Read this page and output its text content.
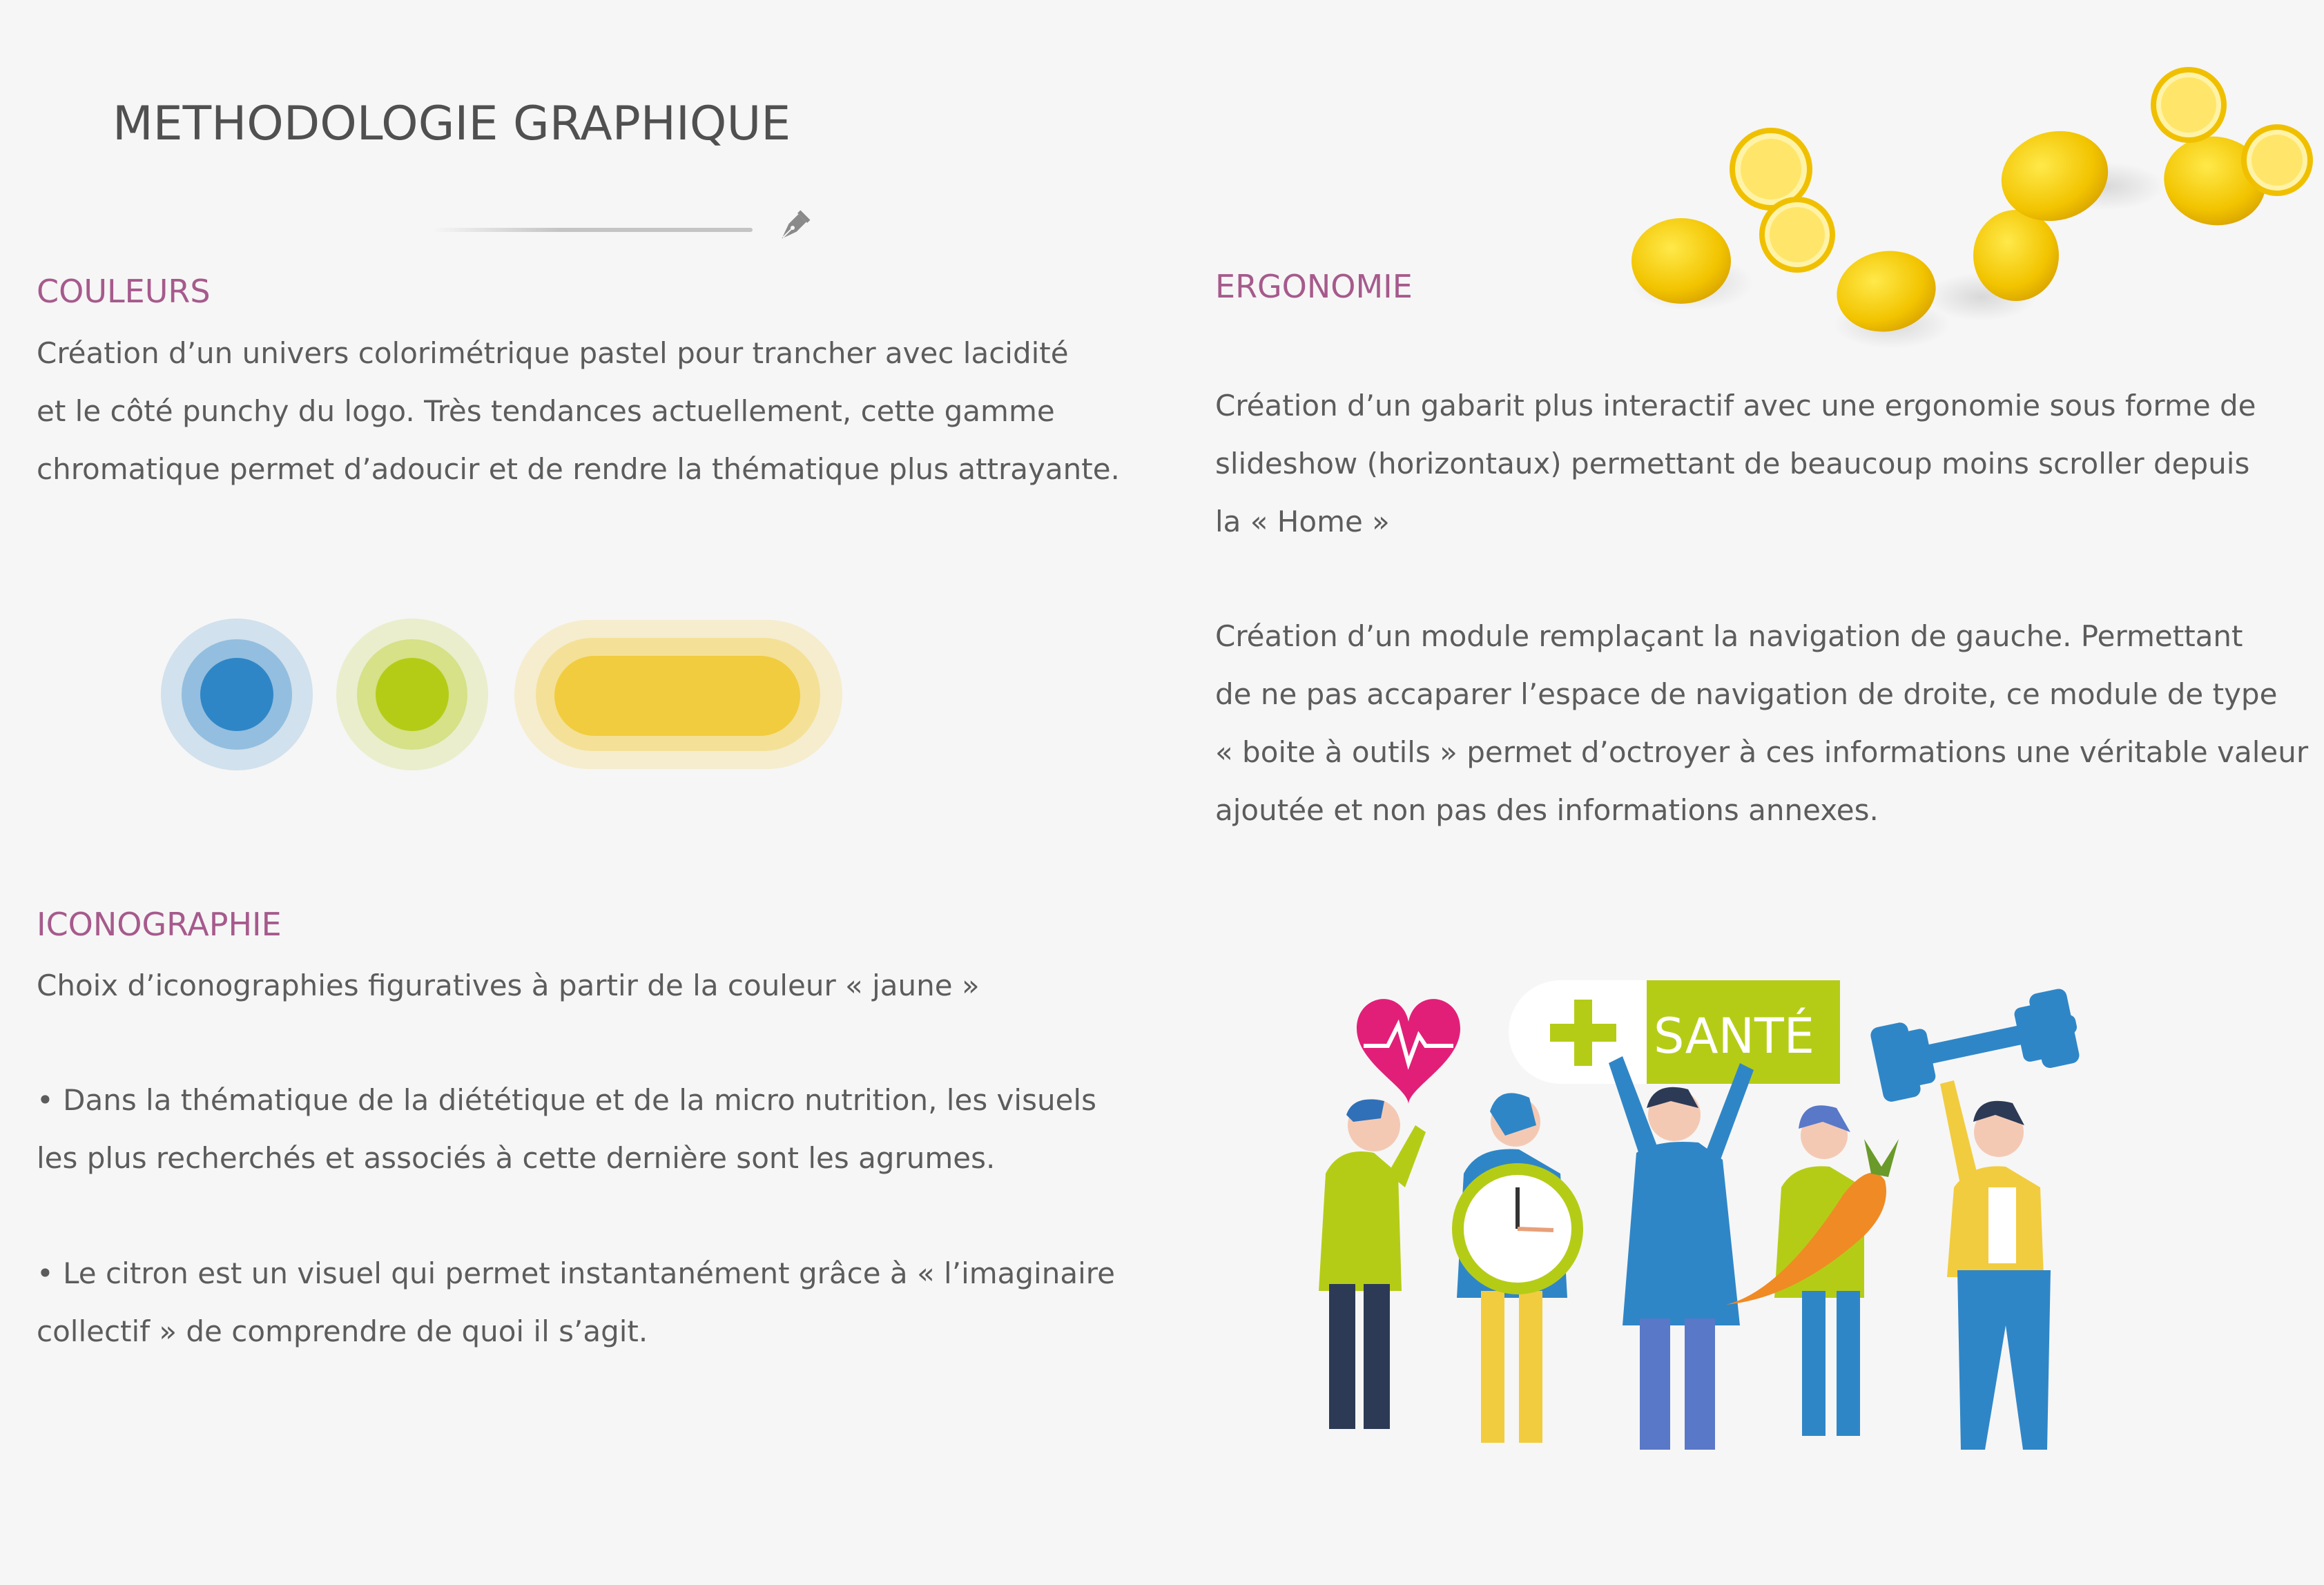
METHODOLOGIE GRAPHIQUE
COULEURS
Création d’un univers colorimétrique pastel pour trancher avec lacidité
et le côté punchy du logo. Très tendances actuellement, cette gamme
chromatique permet d’adoucir et de rendre la thématique plus attrayante.
ERGONOMIE
Création d’un gabarit plus interactif avec une ergonomie sous forme de
slideshow (horizontaux) permettant de beaucoup moins scroller depuis
la « Home »
Création d’un module remplaçant la navigation de gauche. Permettant
de ne pas accaparer l’espace de navigation de droite, ce module de type
« boite à outils » permet d’octroyer à ces informations une véritable valeur
ajoutée et non pas des informations annexes.
ICONOGRAPHIE
Choix d’iconographies figuratives à partir de la couleur « jaune »
• Dans la thématique de la diététique et de la micro nutrition, les visuels
les plus recherchés et associés à cette dernière sont les agrumes.
• Le citron est un visuel qui permet instantanément grâce à « l’imaginaire
collectif » de comprendre de quoi il s’agit.
SANTÉ
